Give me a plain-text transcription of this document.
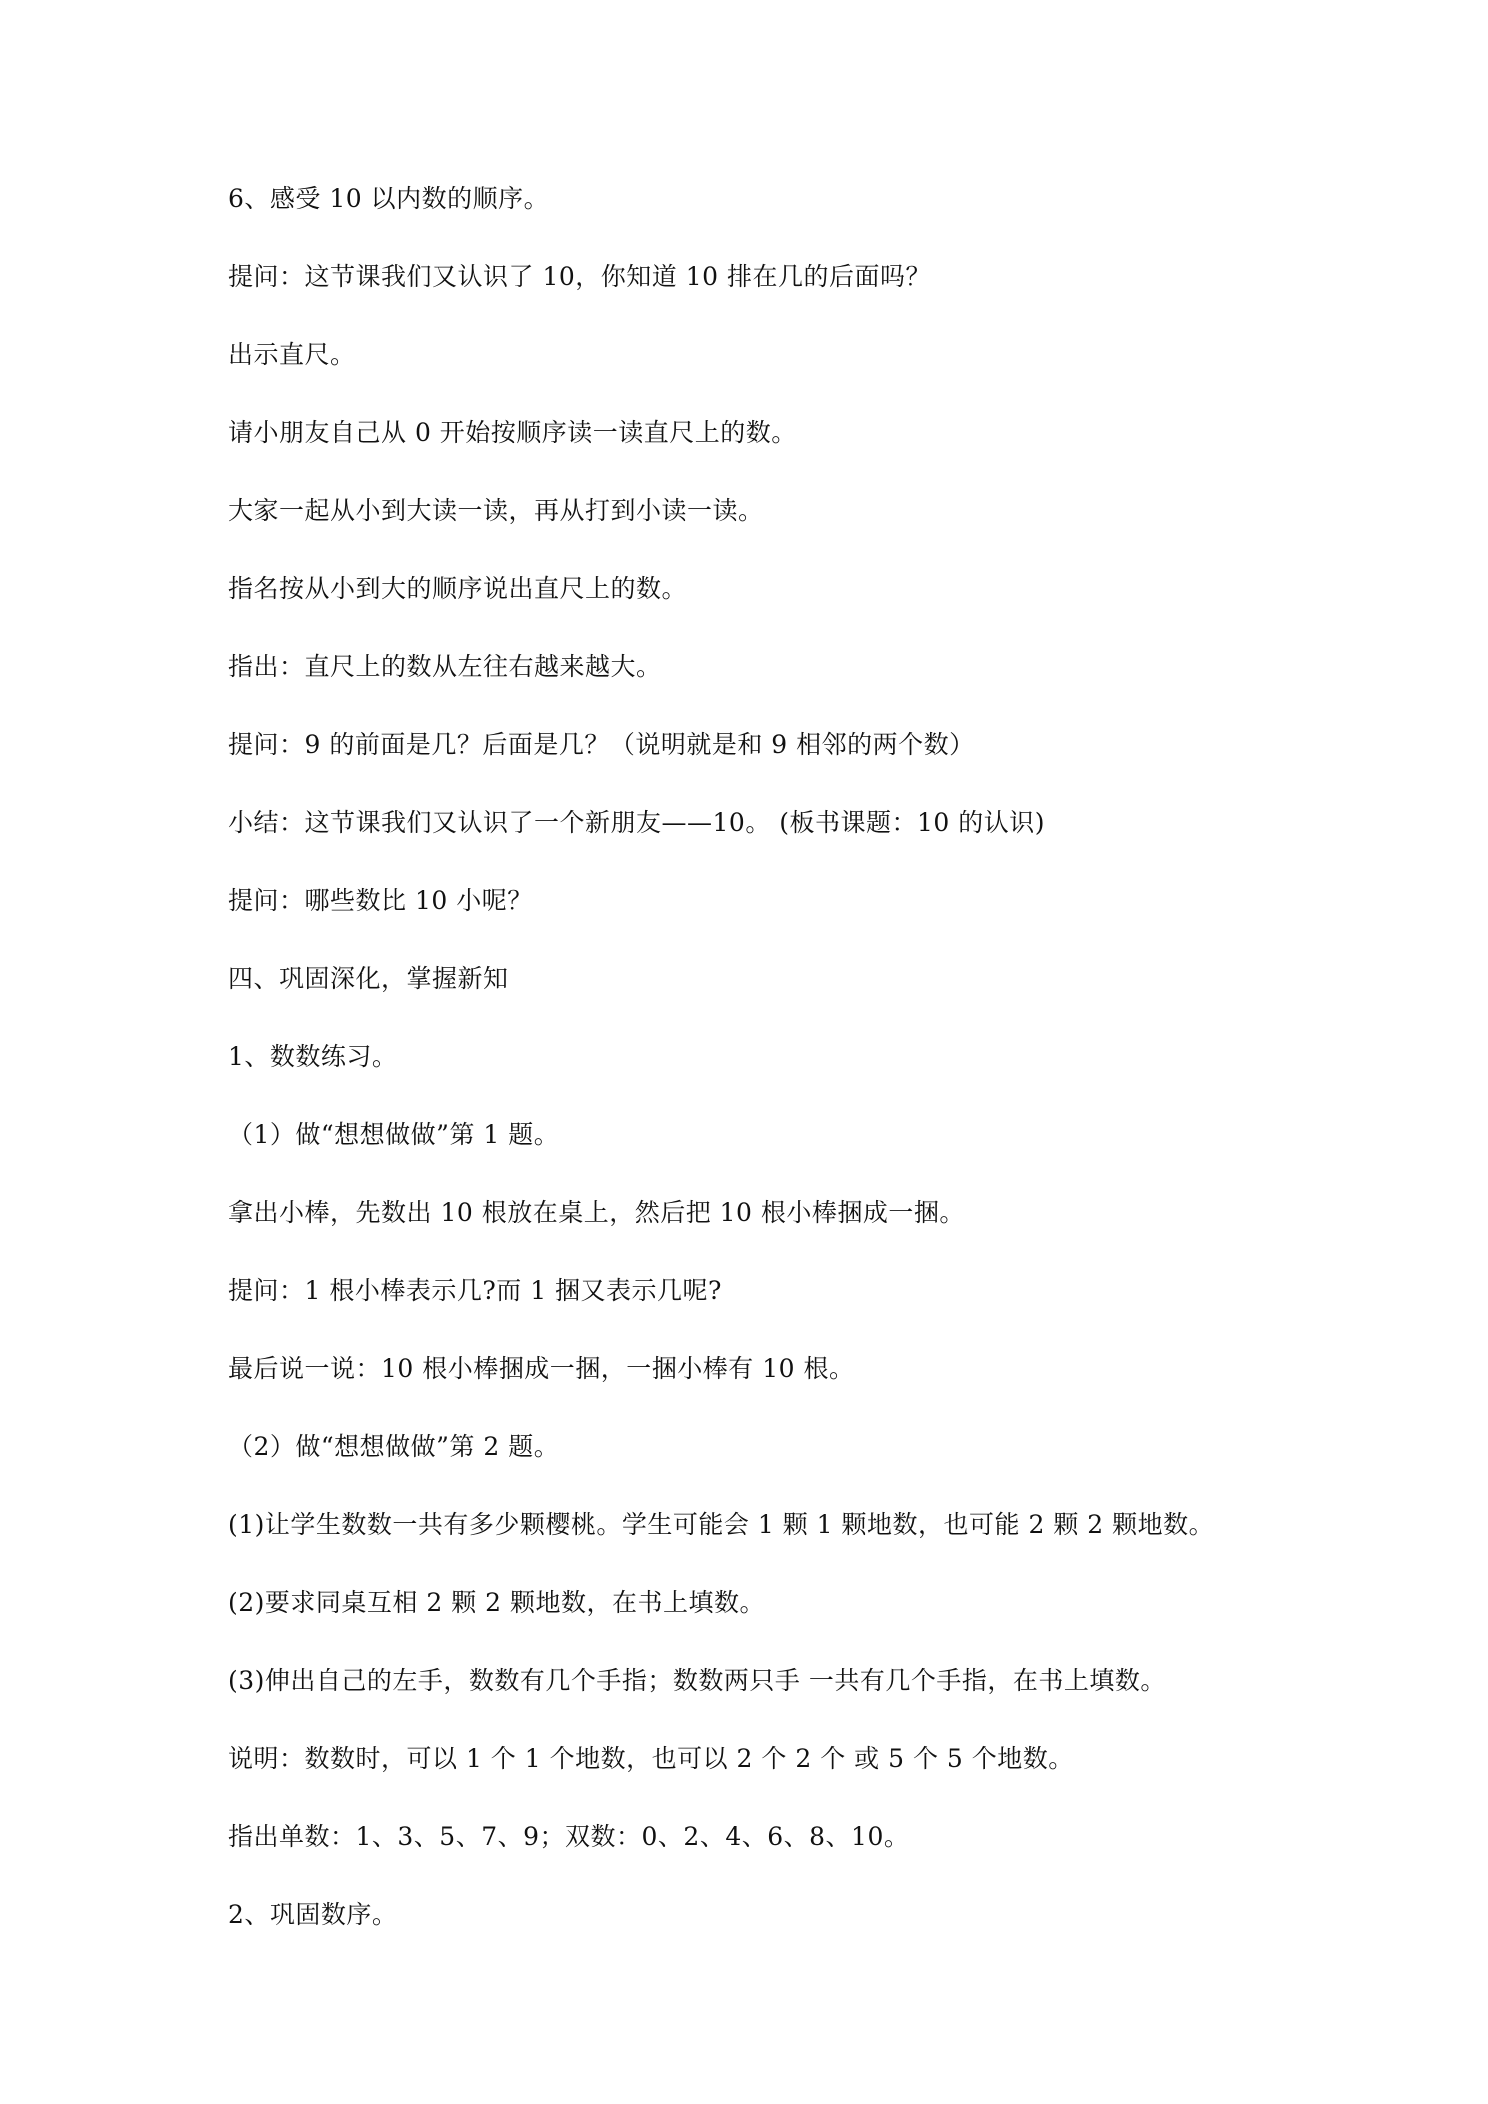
6、感受 10 以内数的顺序。
提问：这节课我们又认识了 10，你知道 10 排在几的后面吗？
出示直尺。
请小朋友自己从 0 开始按顺序读一读直尺上的数。
大家一起从小到大读一读，再从打到小读一读。
指名按从小到大的顺序说出直尺上的数。
指出：直尺上的数从左往右越来越大。
提问：9 的前面是几？后面是几？（说明就是和 9 相邻的两个数）
小结：这节课我们又认识了一个新朋友——10。 (板书课题：10 的认识)
提问：哪些数比 10 小呢？
四、巩固深化，掌握新知
1、数数练习。
（1）做“想想做做”第 1 题。
拿出小棒，先数出 10 根放在桌上，然后把 10 根小棒捆成一捆。
提问：1 根小棒表示几?而 1 捆又表示几呢?
最后说一说：10 根小棒捆成一捆，一捆小棒有 10 根。
（2）做“想想做做”第 2 题。
(1)让学生数数一共有多少颗樱桃。学生可能会 1 颗 1 颗地数，也可能 2 颗 2 颗地数。
(2)要求同桌互相 2 颗 2 颗地数，在书上填数。
(3)伸出自己的左手，数数有几个手指；数数两只手 一共有几个手指，在书上填数。
说明：数数时，可以 1 个 1 个地数，也可以 2 个 2 个 或 5 个 5 个地数。
指出单数：1、3、5、7、9；双数：0、2、4、6、8、10。
2、巩固数序。
